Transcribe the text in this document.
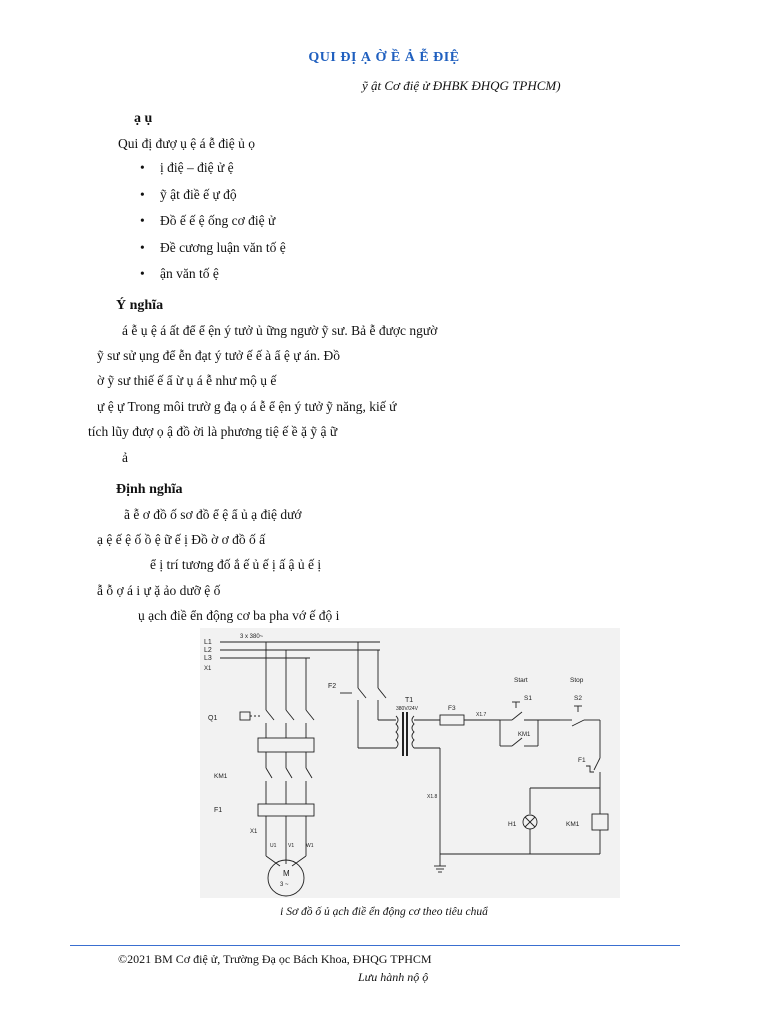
QUI ĐỊ Ạ Ờ Ề Ả Ễ ĐIỆ
ỹ ật Cơ điệ ử ĐHBK ĐHQG TPHCM)
ạ ụ
Qui đị đượ ụ ệ á ễ điệ ủ ọ
• ị điệ – điệ ử ệ
• ỹ ật điề ế ự độ
• Đồ ế ế ệ ống cơ điệ ử
• Đề cương luận văn tố ệ
• ận văn tố ệ
Ý nghĩa
á ễ ụ ệ á ất để ể ện ý tưở ủ ững ngườ ỹ sư. Bả ễ được ngườ
ỹ sư sử ụng để ễn đạt ý tưở ế ế à ẩ ệ ự án. Đồ
ờ ỹ sư thiế ế ẩ ừ ụ á ễ như mộ ụ ế
ự ệ ự Trong môi trườ g đạ ọ á ễ ể ện ý tưở ỹ năng, kiế ứ
tích lũy đượ ọ ậ đồ ời là phương tiệ ế ề ặ ỹ ậ ữ
ả
Định nghĩa
ã ễ ơ đồ ố sơ đồ ể ệ ẩ ủ ạ điệ dướ
ạ ệ ế ệ ố ồ ệ ữ ế ị Đồ ờ ơ đồ ố ấ
ể ị trí tương đố ắ ế ủ ế ị ấ ậ ủ ế ị
ẫ ỗ ợ á i ự ặ ảo dưỡ ệ ố
ụ ạch điề ển động cơ ba pha vớ ế độ i
L1
L2
L3
X1
3 x 380~
Q1
KM1
F1
X1
U1 V1 W1
M
3 ~
F2
T1
380V/24V	F3
X1.7
X1.8
Start	Stop
S1	S2
KM1
F1
H1	KM1
i Sơ đồ ố ủ ạch điề ển động cơ theo tiêu chuẩ
©2021 BM Cơ điệ ử, Trường Đạ ọc Bách Khoa, ĐHQG TPHCM
Lưu hành nộ ộ
